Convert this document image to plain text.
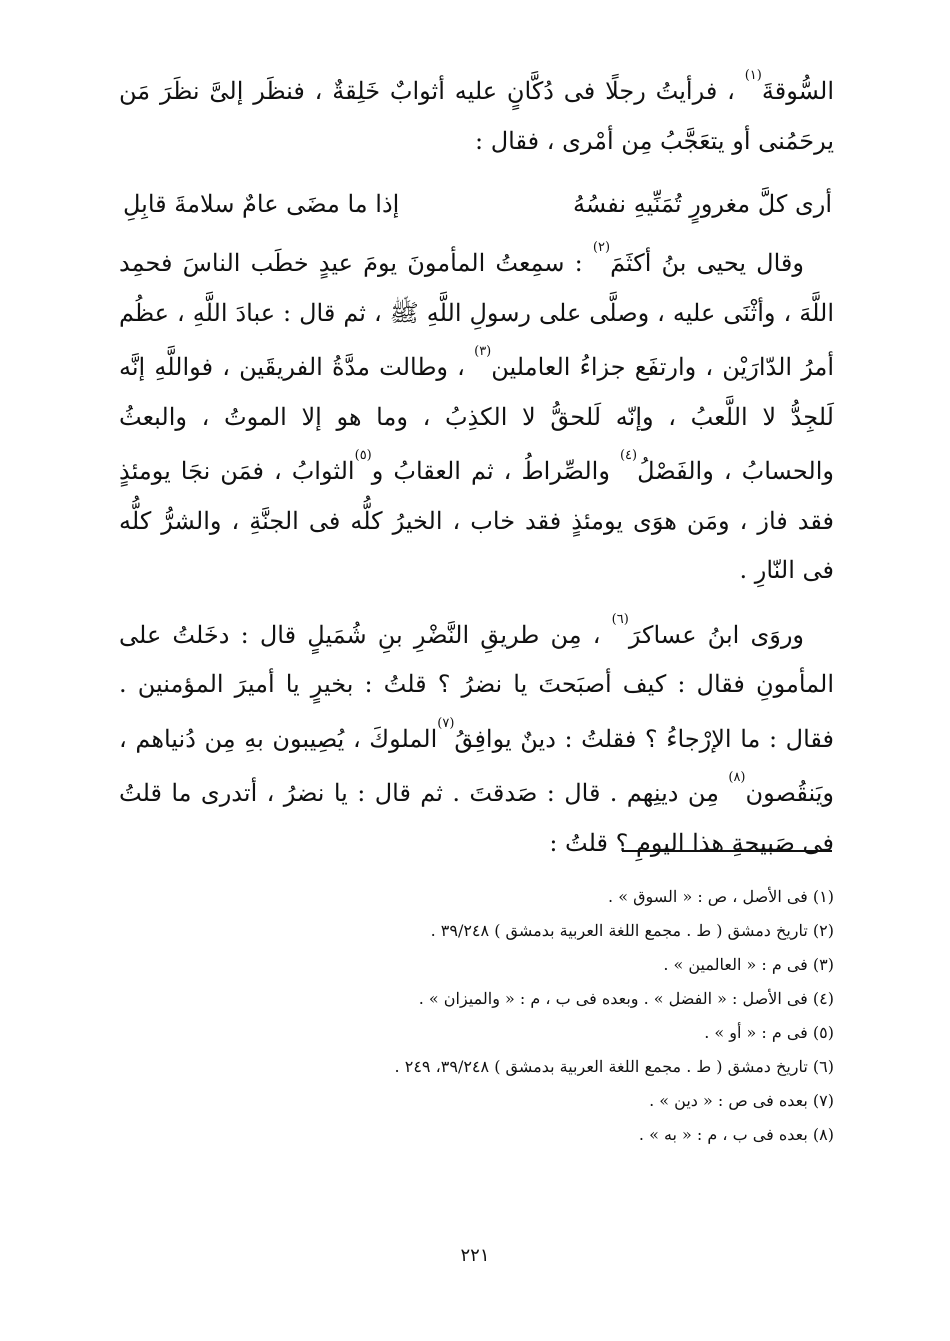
السُّوقةَ$^{(١)}$ ، فرأيتُ رجلًا فى دُكَّانٍ عليه أثوابٌ خَلِقةٌ ، فنظَر إلىَّ نظَرَ مَن يرحَمُنى أو يتعَجَّبُ مِن أمْرى ، فقال :

أرى كلَّ مغرورٍ تُمَنِّيهِ نفسُهُ
إذا ما مضَى عامٌ سلامةَ قابِلِ

وقال يحيى بنُ أكثَمَ$^{(٢)}$ : سمِعتُ المأمونَ يومَ عيدٍ خطَب الناسَ فحمِد اللَّهَ ، وأثْنَى عليه ، وصلَّى على رسولِ اللَّهِ ﷺ ، ثم قال : عبادَ اللَّهِ ، عظُم أمرُ الدّارَيْن ، وارتفَع جزاءُ العاملين$^{(٣)}$ ، وطالت مدَّةُ الفريقَين ، فواللَّهِ إنَّه لَلجِدُّ لا اللَّعبُ ، وإنّه لَلحقُّ لا الكذِبُ ، وما هو إلا الموتُ ، والبعثُ والحسابُ ، والفَصْلُ$^{(٤)}$ والصِّراطُ ، ثم العقابُ و$^{(٥)}$الثوابُ ، فمَن نجَا يومئذٍ فقد فاز ، ومَن هوَى يومئذٍ فقد خاب ، الخيرُ كلُّه فى الجنَّةِ ، والشرُّ كلُّه فى النّارِ .

وروَى ابنُ عساكرَ$^{(٦)}$ ، مِن طريقِ النَّضْرِ بنِ شُمَيلٍ قال : دخَلتُ على المأمونِ فقال : كيف أصبَحتَ يا نضرُ ؟ قلتُ : بخيرٍ يا أميرَ المؤمنين . فقال : ما الإرْجاءُ ؟ فقلتُ : دينٌ يوافِقُ$^{(٧)}$الملوكَ ، يُصِيبون بهِ مِن دُنياهم ، ويَنقُصون$^{(٨)}$ مِن دينِهم . قال : صَدقتَ . ثم قال : يا نضرُ ، أتدرى ما قلتُ فى صَبيحةِ هذا اليومِ ؟ قلتُ :

(١) فى الأصل ، ص : « السوق » .
(٢) تاريخ دمشق ( ط . مجمع اللغة العربية بدمشق ) ٣٩/٢٤٨ .
(٣) فى م : « العالمين » .
(٤) فى الأصل : « الفضل » . وبعده فى ب ، م : « والميزان » .
(٥) فى م : « أو » .
(٦) تاريخ دمشق ( ط . مجمع اللغة العربية بدمشق ) ٣٩/٢٤٨، ٢٤٩ .
(٧) بعده فى ص : « دين » .
(٨) بعده فى ب ، م : « به » .
٢٢١
